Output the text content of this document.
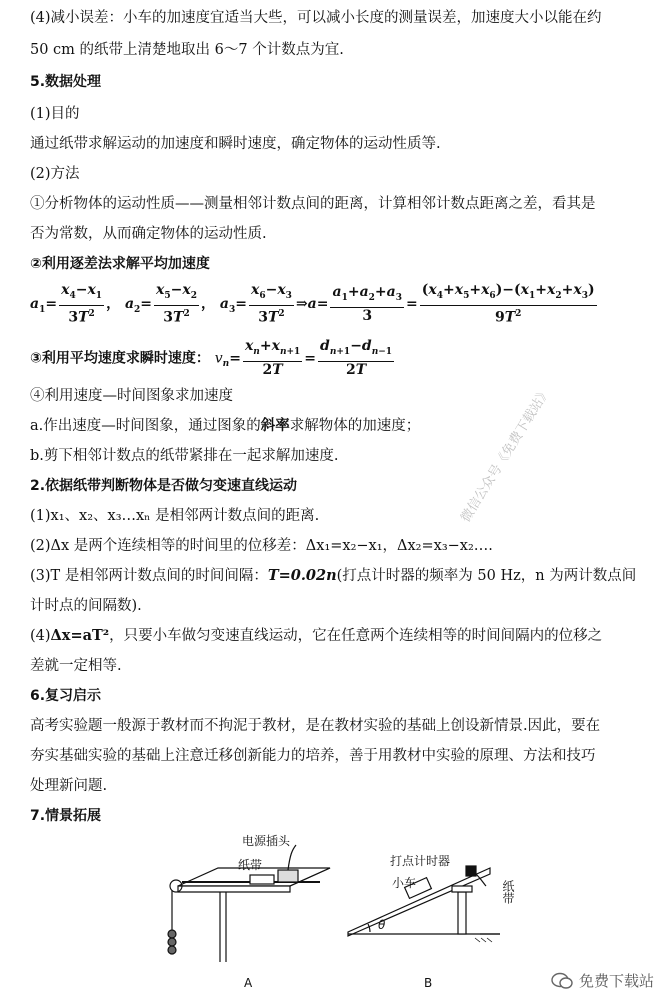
(4)减小误差：小车的加速度宜适当大些，可以减小长度的测量误差，加速度大小以能在约
50 cm 的纸带上清楚地取出 6～7 个计数点为宜.
5.数据处理
(1)目的
通过纸带求解运动的加速度和瞬时速度，确定物体的运动性质等.
(2)方法
①分析物体的运动性质——测量相邻计数点间的距离，计算相邻计数点距离之差，看其是
否为常数，从而确定物体的运动性质.
②利用逐差法求解平均加速度
$a_1= \frac{x_4-x_1}{3T^2}$ ， $a_2= \frac{x_5-x_2}{3T^2}$ ， $a_3= \frac{x_6-x_3}{3T^2}$ ⇒a= $\frac{a_1+a_2+a_3}{3} = \frac{(x_4+x_5+x_6)-(x_1+x_2+x_3)}{9T^2}$
③利用平均速度求瞬时速度： $v_n= \frac{x_n+x_{n+1}}{2T} = \frac{d_{n+1}-d_{n-1}}{2T}$
④利用速度—时间图象求加速度
a.作出速度—时间图象，通过图象的斜率求解物体的加速度；
b.剪下相邻计数点的纸带紧排在一起求解加速度.
2.依据纸带判断物体是否做匀变速直线运动
(1)x₁、x₂、x₃…xₙ 是相邻两计数点间的距离.
(2)Δx 是两个连续相等的时间里的位移差：Δx₁=x₂−x₁，Δx₂=x₃−x₂….
(3)T 是相邻两计数点间的时间间隔：T=0.02n(打点计时器的频率为 50 Hz，n 为两计数点间
计时点的间隔数).
(4)Δx=aT²，只要小车做匀变速直线运动，它在任意两个连续相等的时间间隔内的位移之
差就一定相等.
6.复习启示
高考实验题一般源于教材而不拘泥于教材，是在教材实验的基础上创设新情景.因此，要在
夯实基础实验的基础上注意迁移创新能力的培养，善于用教材中实验的原理、方法和技巧
处理新问题.
7.情景拓展
微信公众号《免费下载站》
电源插头
纸带
A
打点计时器
小车	纸带
θ
B	免费下载站
